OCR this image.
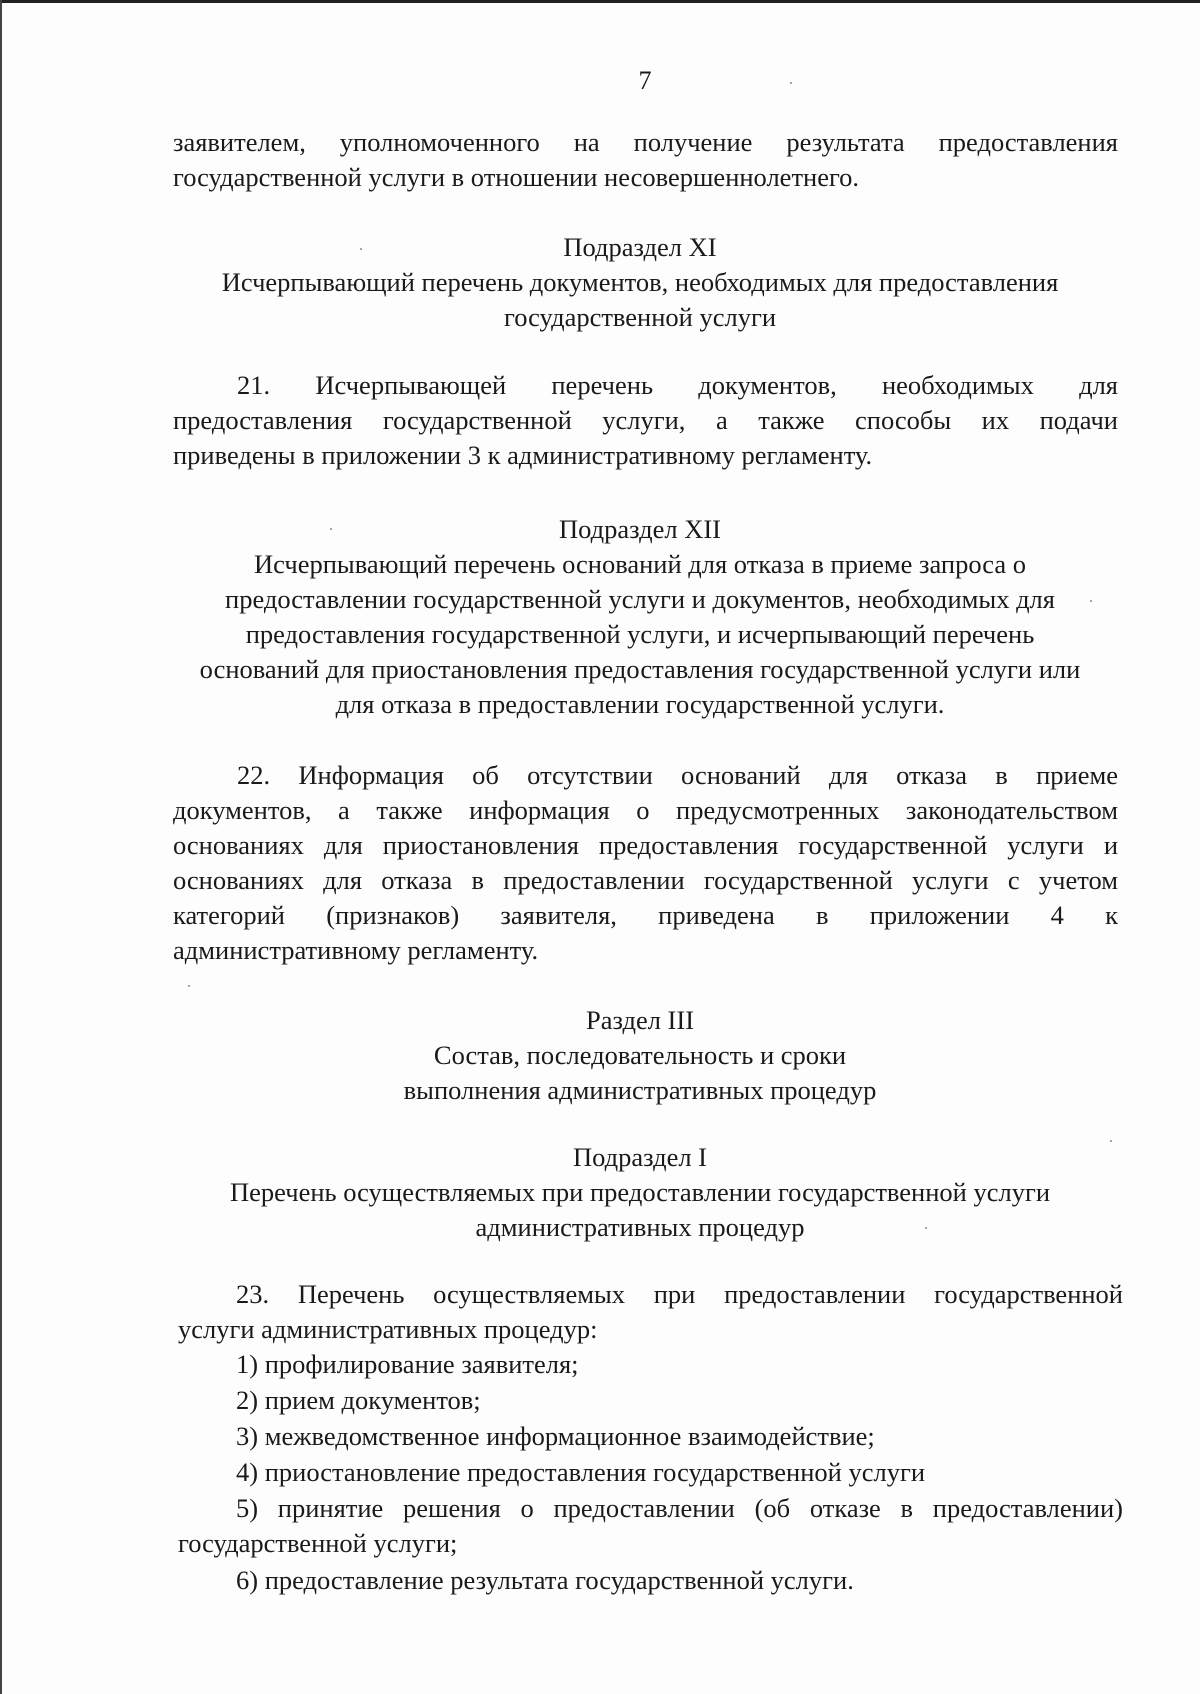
7
заявителем, уполномоченного на получение результата предоставления
государственной услуги в отношении несовершеннолетнего.
Подраздел XI
Исчерпывающий перечень документов, необходимых для предоставления
государственной услуги
21. Исчерпывающей перечень документов, необходимых для
предоставления государственной услуги, а также способы их подачи
приведены в приложении 3 к административному регламенту.
Подраздел XII
Исчерпывающий перечень оснований для отказа в приеме запроса о
предоставлении государственной услуги и документов, необходимых для
предоставления государственной услуги, и исчерпывающий перечень
оснований для приостановления предоставления государственной услуги или
для отказа в предоставлении государственной услуги.
22. Информация об отсутствии оснований для отказа в приеме
документов, а также информация о предусмотренных законодательством
основаниях для приостановления предоставления государственной услуги и
основаниях для отказа в предоставлении государственной услуги с учетом
категорий (признаков) заявителя, приведена в приложении 4 к
административному регламенту.
Раздел III
Состав, последовательность и сроки
выполнения административных процедур
Подраздел I
Перечень осуществляемых при предоставлении государственной услуги
административных процедур
23. Перечень осуществляемых при предоставлении государственной
услуги административных процедур:
1) профилирование заявителя;
2) прием документов;
3) межведомственное информационное взаимодействие;
4) приостановление предоставления государственной услуги
5) принятие решения о предоставлении (об отказе в предоставлении)
государственной услуги;
6) предоставление результата государственной услуги.
